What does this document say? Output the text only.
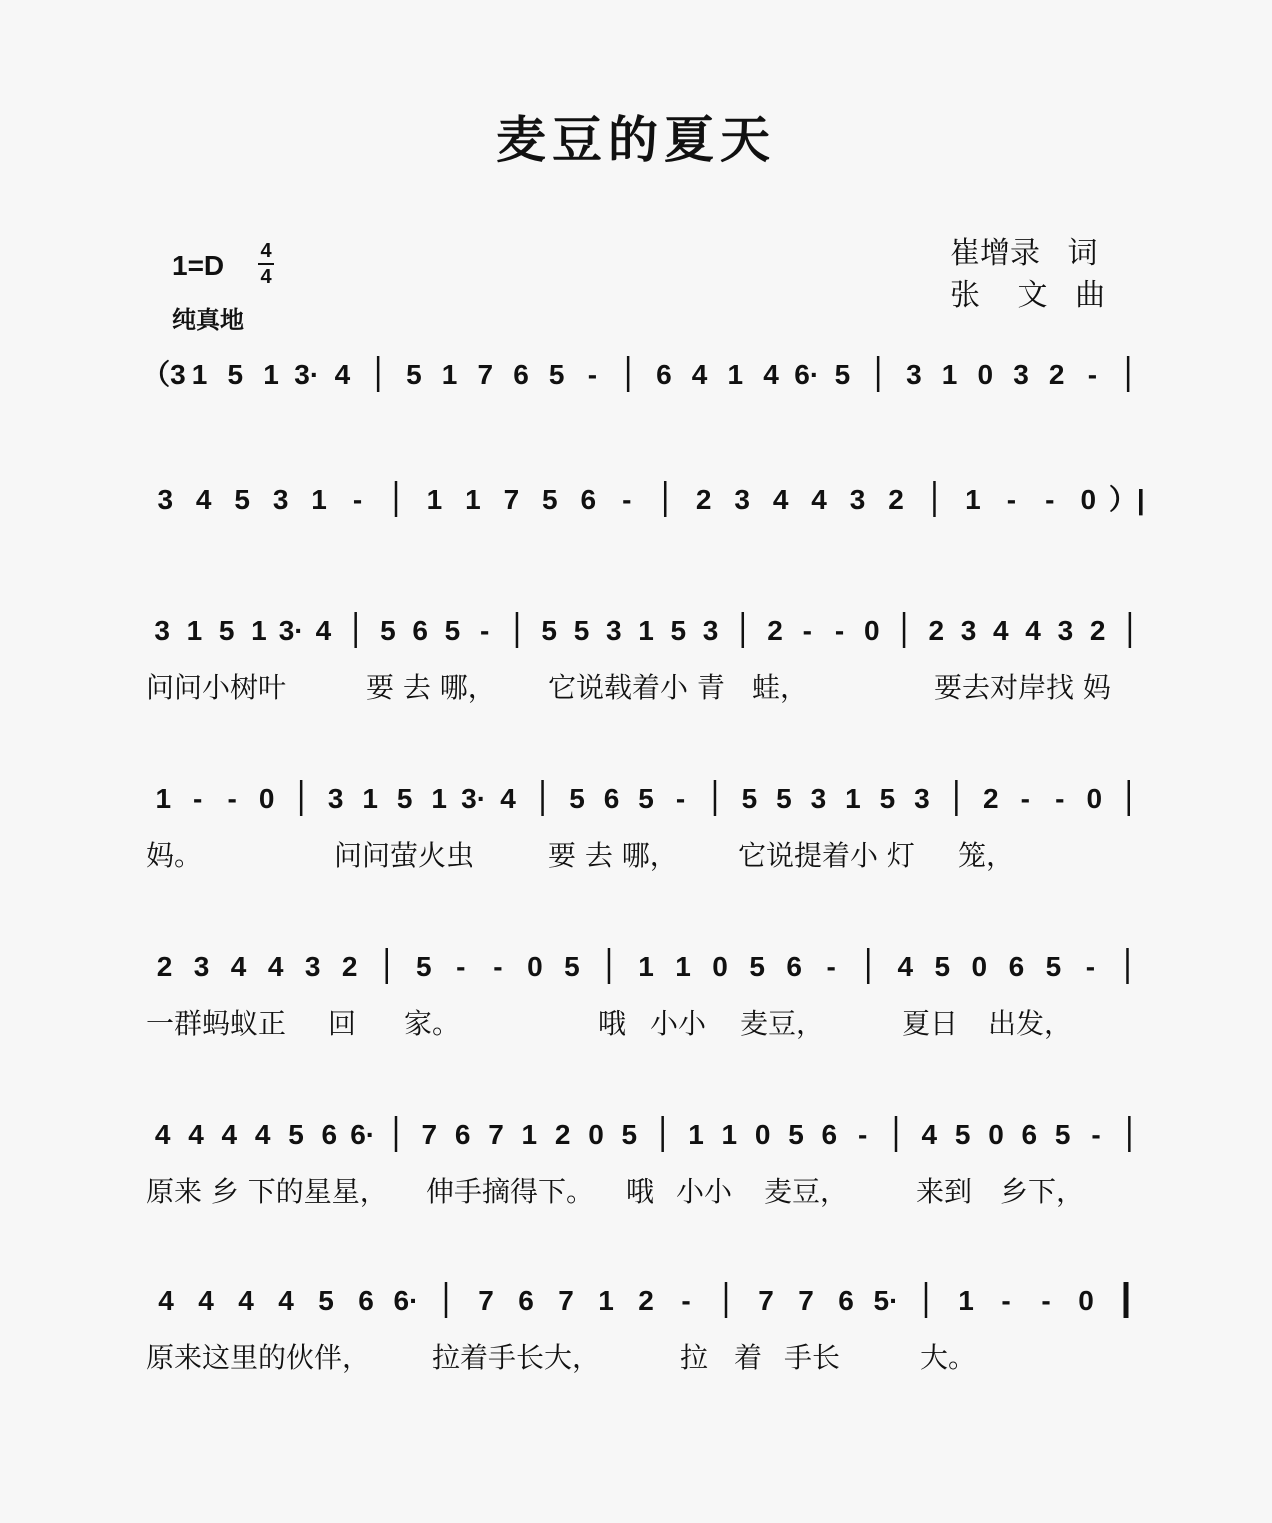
麦豆的夏天
1=D 4
4
纯真地
崔增录 词
张 文 曲
（3 1 5 1 3· 4 5 1 7 6 5 - 6 4 1 4 6· 5 3 1 0 3 2 -
3 4 5 3 1 - 1 1 7 5 6 - 2 3 4 4 3 2 1 - - 0 ）|
3 1 5 1 3· 4 5 6 5 - 5 5 3 1 5 3 2 - - 0 2 3 4 4 3 2
1 - - 0 3 1 5 1 3· 4 5 6 5 - 5 5 3 1 5 3 2 - - 0
2 3 4 4 3 2 5 - - 0 5 1 1 0 5 6 - 4 5 0 6 5 -
4 4 4 4 5 6 6· 7 6 7 1 2 0 5 1 1 0 5 6 - 4 5 0 6 5 -
4 4 4 4 5 6 6· 7 6 7 1 2 - 7 7 6 5· 1 - - 0
问问小树叶	要 去 哪， 它说载着小 青 蛙，	要去对岸找 妈
妈。	问问萤火虫	要 去 哪， 它说提着小 灯 笼，
一群蚂蚁正 回 家。	哦 小小 麦豆，	夏日 出发，
原来 乡 下的星星， 伸手摘得下。 哦 小小 麦豆， 来到 乡下，
原来这里的伙伴， 拉着手长大，	拉 着 手长	大。
